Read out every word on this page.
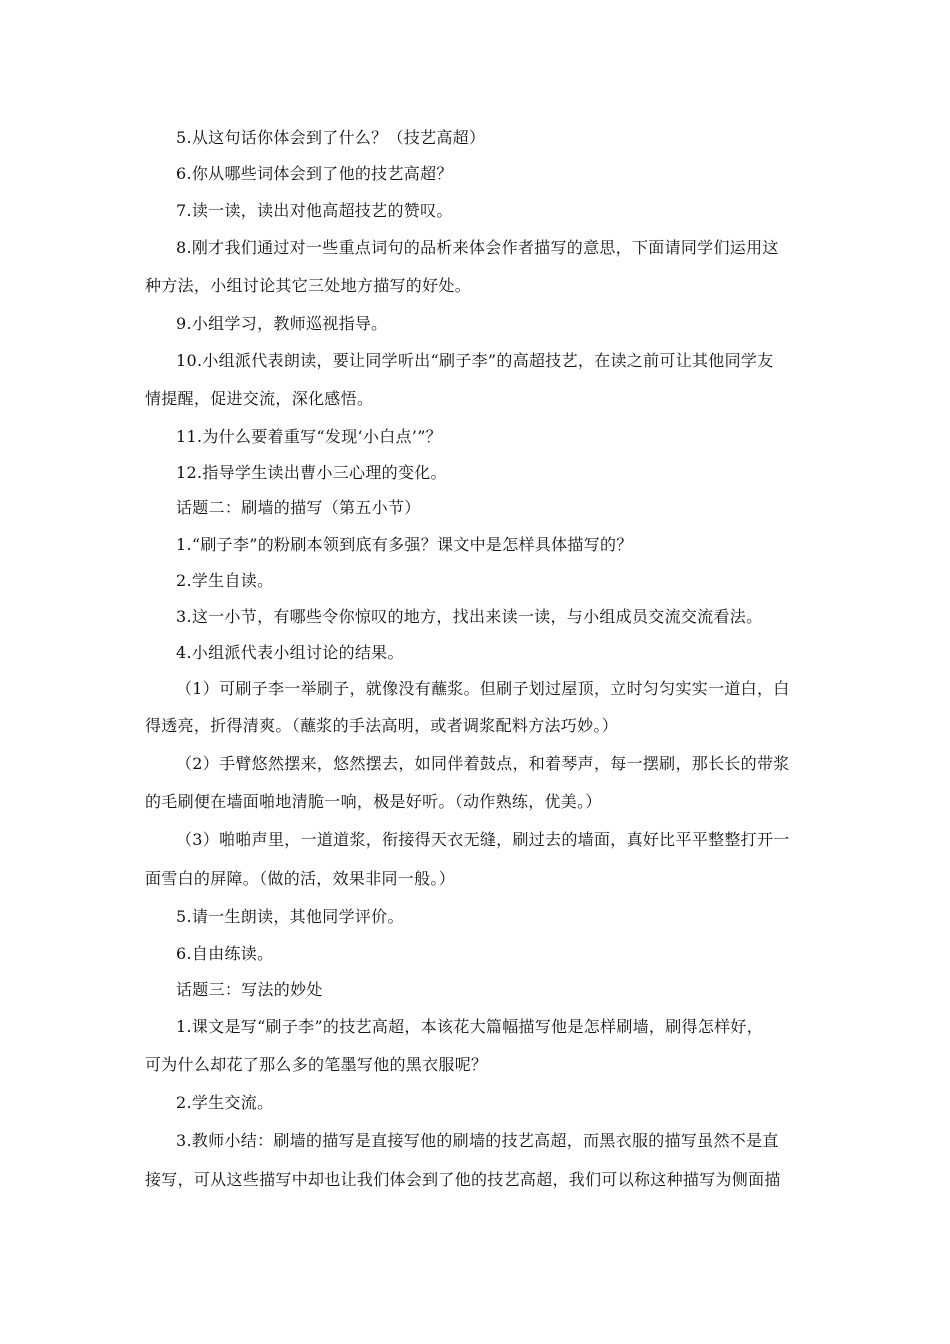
5.从这句话你体会到了什么？（技艺高超）
6.你从哪些词体会到了他的技艺高超？
7.读一读，读出对他高超技艺的赞叹。
8.刚才我们通过对一些重点词句的品析来体会作者描写的意思，下面请同学们运用这
种方法，小组讨论其它三处地方描写的好处。
9.小组学习，教师巡视指导。
10.小组派代表朗读，要让同学听出“刷子李”的高超技艺，在读之前可让其他同学友
情提醒，促进交流，深化感悟。
11.为什么要着重写“发现‘小白点’”？
12.指导学生读出曹小三心理的变化。
话题二：刷墙的描写（第五小节）
1.“刷子李”的粉刷本领到底有多强？课文中是怎样具体描写的？
2.学生自读。
3.这一小节，有哪些令你惊叹的地方，找出来读一读，与小组成员交流交流看法。
4.小组派代表小组讨论的结果。
（1）可刷子李一举刷子，就像没有蘸浆。但刷子划过屋顶，立时匀匀实实一道白，白
得透亮，折得清爽。（蘸浆的手法高明，或者调浆配料方法巧妙。）
（2）手臂悠然摆来，悠然摆去，如同伴着鼓点，和着琴声，每一摆刷，那长长的带浆
的毛刷便在墙面啪地清脆一响，极是好听。（动作熟练，优美。）
（3）啪啪声里，一道道浆，衔接得天衣无缝，刷过去的墙面，真好比平平整整打开一
面雪白的屏障。（做的活，效果非同一般。）
5.请一生朗读，其他同学评价。
6.自由练读。
话题三：写法的妙处
1.课文是写“刷子李”的技艺高超，本该花大篇幅描写他是怎样刷墙，刷得怎样好，
可为什么却花了那么多的笔墨写他的黑衣服呢？
2.学生交流。
3.教师小结：刷墙的描写是直接写他的刷墙的技艺高超，而黑衣服的描写虽然不是直
接写，可从这些描写中却也让我们体会到了他的技艺高超，我们可以称这种描写为侧面描
